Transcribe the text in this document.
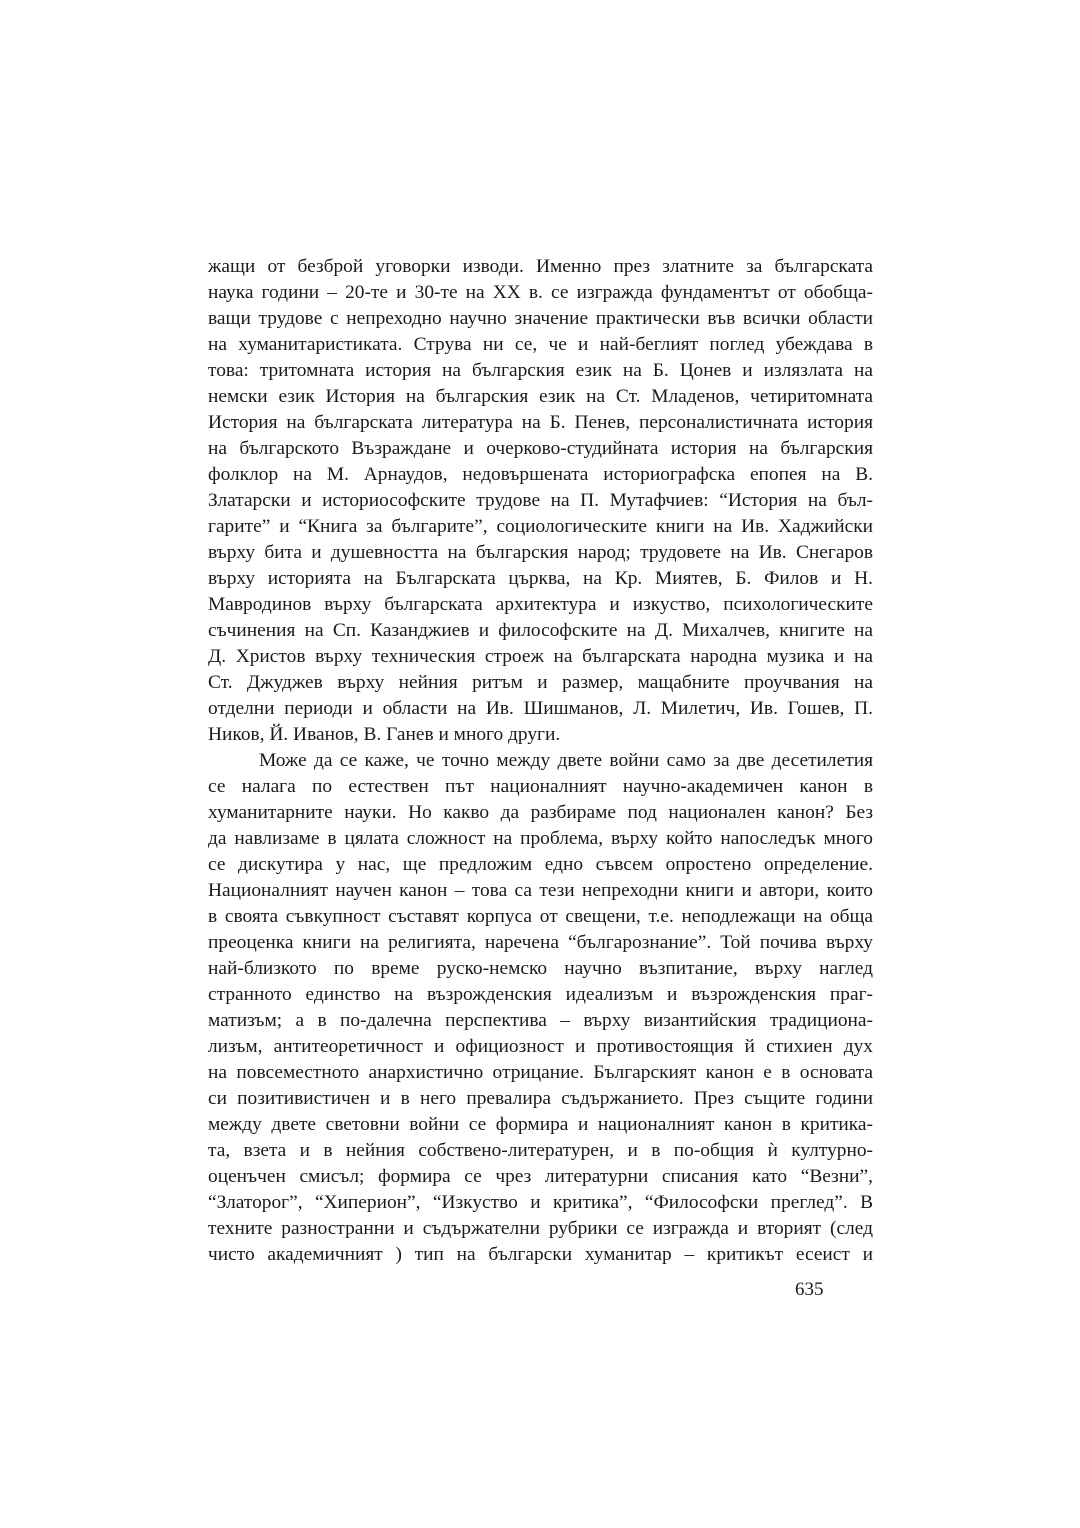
жащи от безброй уговорки изводи. Именно през златните за българската
наука години – 20-те и 30-те на XX в. се изгражда фундаментът от обобща-
ващи трудове с непреходно научно значение практически във всички области
на хуманитаристиката. Струва ни се, че и най-беглият поглед убеждава в
това: тритомната история на българския език на Б. Цонев и излязлата на
немски език История на българския език на Ст. Младенов, четиритомната
История на българската литература на Б. Пенев, персоналистичната история
на българското Възраждане и очерково-студийната история на българския
фолклор на М. Арнаудов, недовършената историографска епопея на В.
Златарски и историософските трудове на П. Мутафчиев: “История на бъл-
гарите” и “Книга за българите”, социологическите книги на Ив. Хаджийски
върху бита и душевността на българския народ; трудовете на Ив. Снегаров
върху историята на Българската църква, на Кр. Миятев, Б. Филов и Н.
Мавродинов върху българската архитектура и изкуство, психологическите
съчинения на Сп. Казанджиев и философските на Д. Михалчев, книгите на
Д. Христов върху техническия строеж на българската народна музика и на
Ст. Джуджев върху нейния ритъм и размер, мащабните проучвания на
отделни периоди и области на Ив. Шишманов, Л. Милетич, Ив. Гошев, П.
Ников, Й. Иванов, В. Ганев и много други.
Може да се каже, че точно между двете войни само за две десетилетия
се налага по естествен път националният научно-академичен канон в
хуманитарните науки. Но какво да разбираме под национален канон? Без
да навлизаме в цялата сложност на проблема, върху който напоследък много
се дискутира у нас, ще предложим едно съвсем опростено определение.
Националният научен канон – това са тези непреходни книги и автори, които
в своята съвкупност съставят корпуса от свещени, т.е. неподлежащи на обща
преоценка книги на религията, наречена “българознание”. Той почива върху
най-близкото по време руско-немско научно възпитание, върху наглед
странното единство на възрожденския идеализъм и възрожденския праг-
матизъм; а в по-далечна перспектива – върху византийския традициона-
лизъм, антитеоретичност и официозност и противостоящия й стихиен дух
на повсеместното анархистично отрицание. Българският канон е в основата
си позитивистичен и в него превалира съдържанието. През същите години
между двете световни войни се формира и националният канон в критика-
та, взета и в нейния собствено-литературен, и в по-общия ѝ културно-
оценъчен смисъл; формира се чрез литературни списания като “Везни”,
“Златорог”, “Хиперион”, “Изкуство и критика”, “Философски преглед”. В
техните разностранни и съдържателни рубрики се изгражда и вторият (след
чисто академичният ) тип на български хуманитар – критикът есеист и
635
